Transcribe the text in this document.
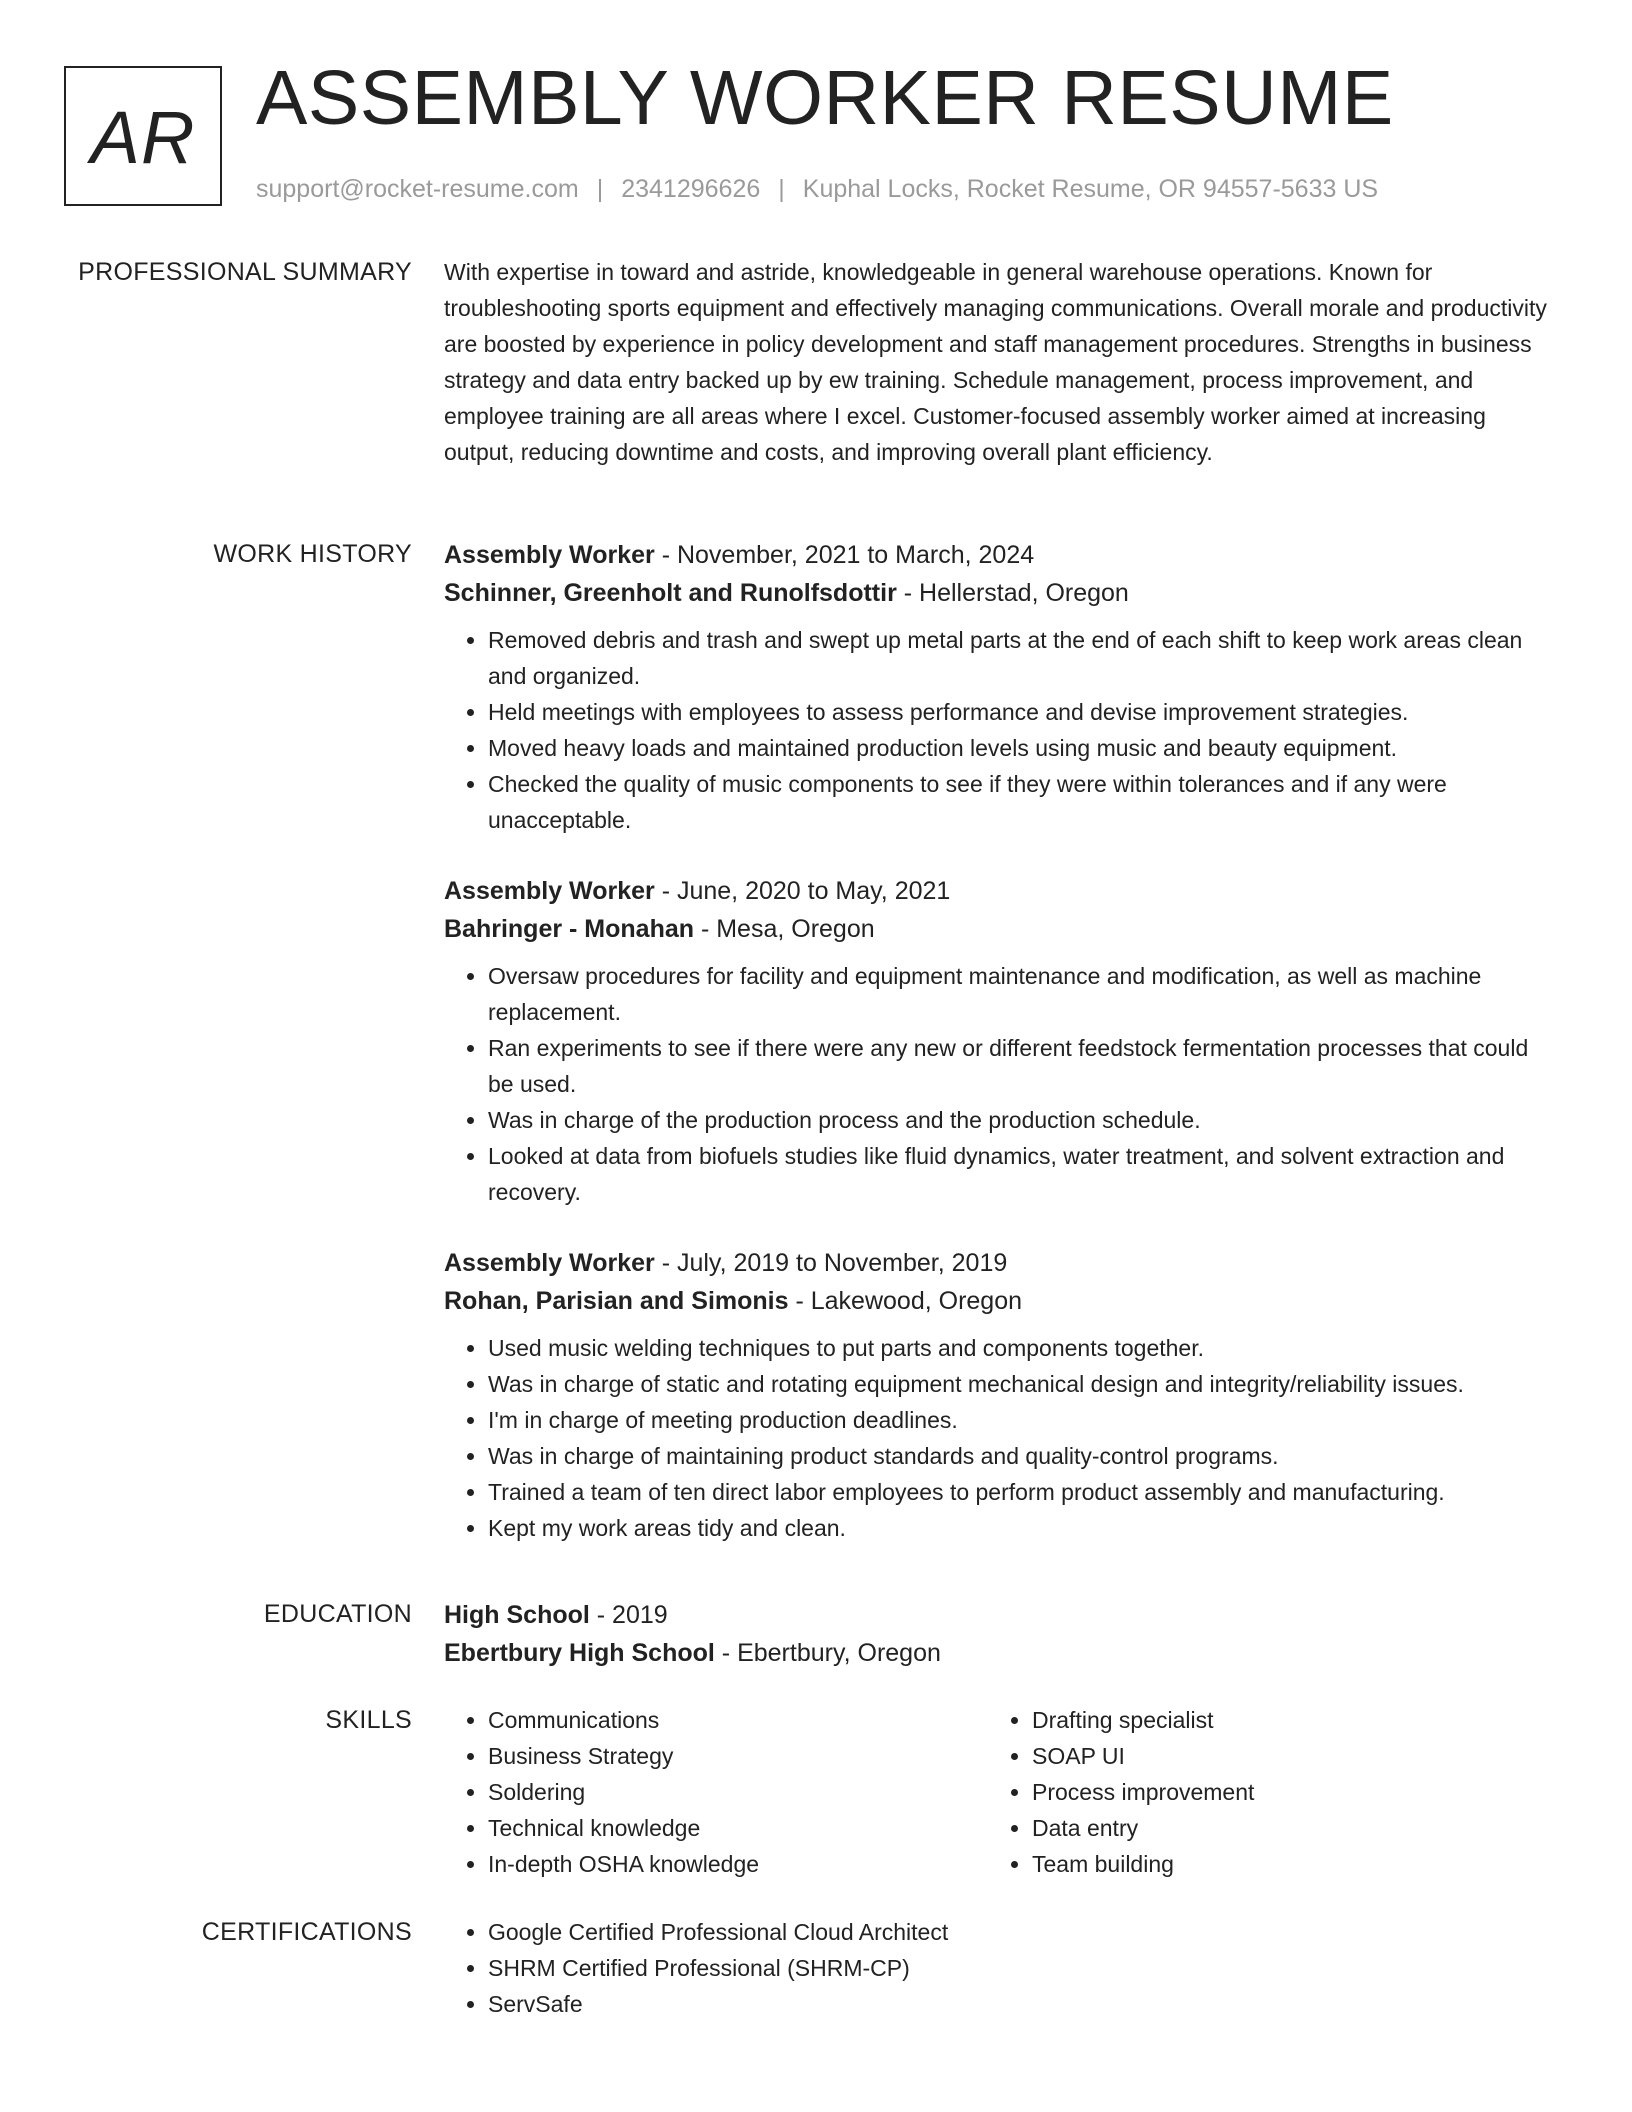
AR ASSEMBLY WORKER RESUME
support@rocket-resume.com | 2341296626 | Kuphal Locks, Rocket Resume, OR 94557-5633 US
PROFESSIONAL SUMMARY With expertise in toward and astride, knowledgeable in general warehouse operations. Known for troubleshooting sports equipment and effectively managing communications. Overall morale and productivity are boosted by experience in policy development and staff management procedures. Strengths in business strategy and data entry backed up by ew training. Schedule management, process improvement, and employee training are all areas where I excel. Customer-focused assembly worker aimed at increasing output, reducing downtime and costs, and improving overall plant efficiency.

WORK HISTORY Assembly Worker - November, 2021 to March, 2024

Schinner, Greenholt and Runolfsdottir - Hellerstad, Oregon

• Removed debris and trash and swept up metal parts at the end of each shift to keep work areas clean and organized.
• Held meetings with employees to assess performance and devise improvement strategies.
• Moved heavy loads and maintained production levels using music and beauty equipment.
• Checked the quality of music components to see if they were within tolerances and if any were unacceptable.

Assembly Worker - June, 2020 to May, 2021

Bahringer - Monahan - Mesa, Oregon

• Oversaw procedures for facility and equipment maintenance and modification, as well as machine replacement.
• Ran experiments to see if there were any new or different feedstock fermentation processes that could be used.
• Was in charge of the production process and the production schedule.
• Looked at data from biofuels studies like fluid dynamics, water treatment, and solvent extraction and recovery.

Assembly Worker - July, 2019 to November, 2019

Rohan, Parisian and Simonis - Lakewood, Oregon

• Used music welding techniques to put parts and components together.
• Was in charge of static and rotating equipment mechanical design and integrity/reliability issues.
• I'm in charge of meeting production deadlines.
• Was in charge of maintaining product standards and quality-control programs.
• Trained a team of ten direct labor employees to perform product assembly and manufacturing.
• Kept my work areas tidy and clean.
EDUCATION High School - 2019

Ebertbury High School - Ebertbury, Oregon

SKILLS	• Communications
• Business Strategy
• Soldering
• Technical knowledge
• In-depth OSHA knowledge
• Drafting specialist
• SOAP UI
• Process improvement
• Data entry
• Team building
CERTIFICATIONS	• Google Certified Professional Cloud Architect
• SHRM Certified Professional (SHRM-CP)
• ServSafe
